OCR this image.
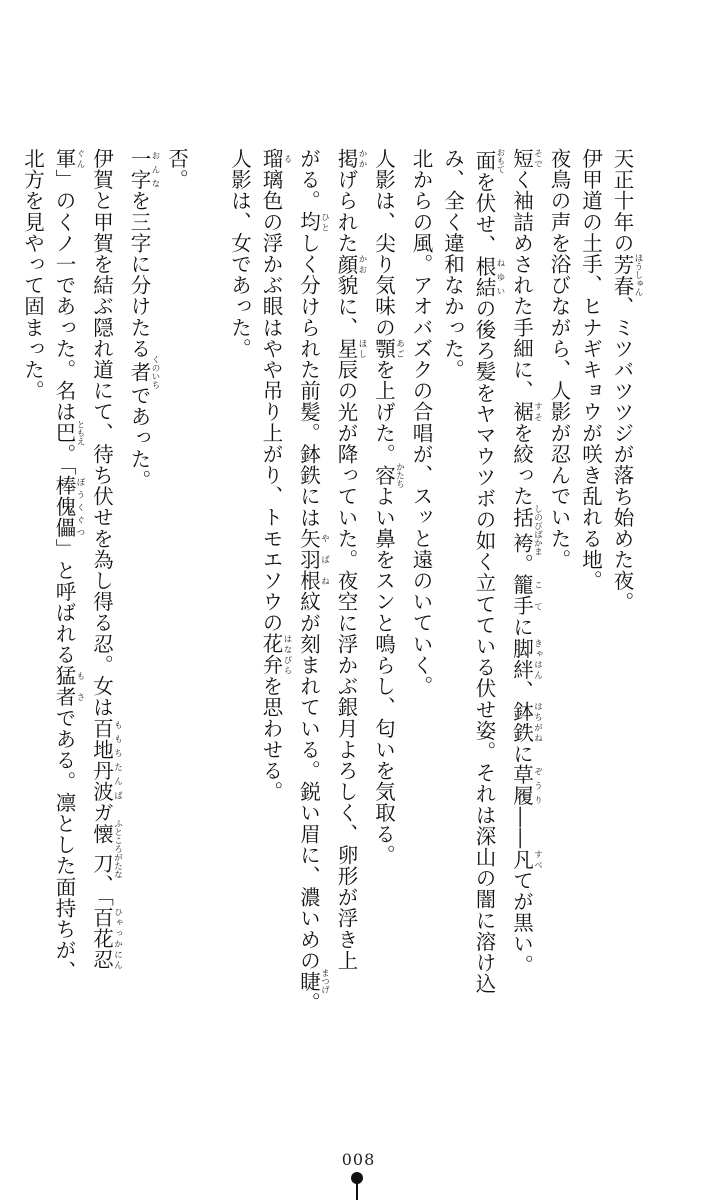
天正十年の芳春 ほうしゅん、ミツバツツジが落ち始めた夜。

伊甲道の土手、ヒナギキョウが咲き乱れる地。

夜鳥の声を浴びながら、人影が忍んでいた。

短 そでく袖詰めされた手細に、裾 すそを絞った括袴 しのびばかま。籠手 こてに脚絆 きゃはん、鉢鉄 はちがねに草履 ぞうり――凡 すべてが黒い。

面 おもてを伏せ、根結 ねゆいの後ろ髪をヤマウツボの如く立てている伏せ姿。それは深山の闇に溶け込

み、全く違和なかった。

北からの風。アオバズクの合唱が、スッと遠のいていく。

人影は、尖り気味の顎 あごを上げた。容 かたちよい鼻をスンと鳴らし、匂いを気取る。

掲 かかげられた顔 かお貌に、星 ほし辰の光が降っていた。夜空に浮かぶ銀月よろしく、卵形が浮き上

がる。均 ひとしく分けられた前髪。鉢鉄には矢羽根 やばね紋が刻まれている。鋭い眉に、濃いめの睫 まつげ。

瑠 る璃色の浮かぶ眼はやや吊り上がり、トモエソウの花弁 はなびらを思わせる。

人影は、女であった。

否。

一字 おんなを三字に分けたる者 くのいちであった。

伊賀と甲賀を結ぶ隠れ道にて、待ち伏せを為し得る忍。女は百地 ももち丹波 たんばガ懐刀 ふところがたな、「百花忍 ひゃっかにん

軍 ぐん」のくノ一であった。名は巴 ともえ。「棒傀儡 ぼうくぐつ」と呼ばれる猛者 もさである。凛とした面持ちが、

北方を見やって固まった。

008
